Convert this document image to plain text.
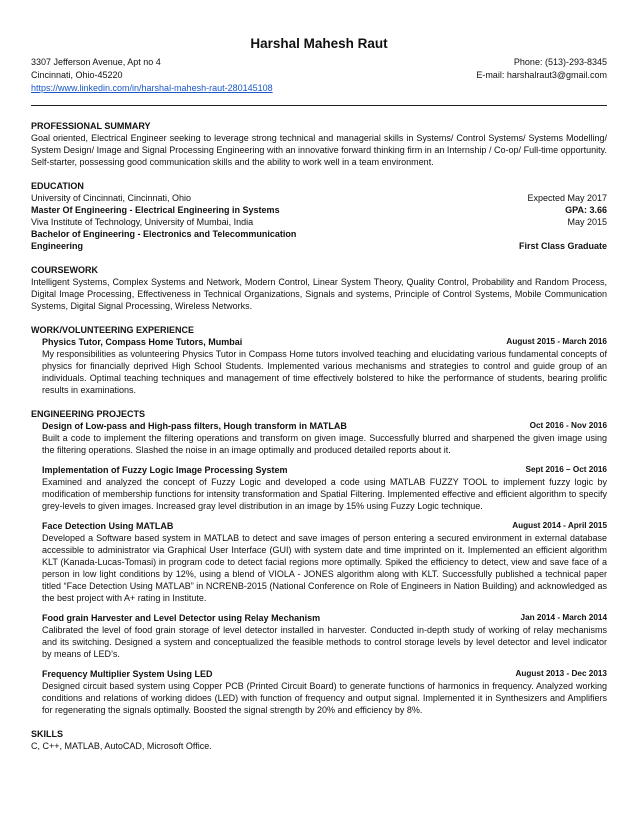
Harshal Mahesh Raut
3307 Jefferson Avenue, Apt no 4	Phone: (513)-293-8345
Cincinnati, Ohio-45220	E-mail: harshalraut3@gmail.com
https://www.linkedin.com/in/harshal-mahesh-raut-280145108
PROFESSIONAL SUMMARY
Goal oriented, Electrical Engineer seeking to leverage strong technical and managerial skills in Systems/ Control Systems/ Systems Modelling/ System Design/ Image and Signal Processing Engineering with an innovative forward thinking firm in an Internship / Co-op/ Full-time opportunity. Self-starter, possessing good communication skills and the ability to work well in a team environment.
EDUCATION
University of Cincinnati, Cincinnati, Ohio	Expected May 2017
Master Of Engineering - Electrical Engineering in Systems	GPA: 3.66
Viva Institute of Technology, University of Mumbai, India	May 2015
Bachelor of Engineering - Electronics and Telecommunication
Engineering	First Class Graduate
COURSEWORK
Intelligent Systems, Complex Systems and Network, Modern Control, Linear System Theory, Quality Control, Probability and Random Process, Digital Image Processing, Effectiveness in Technical Organizations, Signals and systems, Principle of Control Systems, Mobile Communication Systems, Digital Signal Processing, Wireless Networks.
WORK/VOLUNTEERING EXPERIENCE
Physics Tutor, Compass Home Tutors, Mumbai	August 2015 - March 2016
My responsibilities as volunteering Physics Tutor in Compass Home tutors involved teaching and elucidating various fundamental concepts of physics for financially deprived High School Students. Implemented various mechanisms and strategies to control and guide group of an individuals. Optimal teaching techniques and management of time effectively bolstered to hike the performance of students, bearing prolific results in examinations.
ENGINEERING PROJECTS
Design of Low-pass and High-pass filters, Hough transform in MATLAB	Oct 2016 - Nov 2016
Built a code to implement the filtering operations and transform on given image. Successfully blurred and sharpened the given image using the filtering operations. Slashed the noise in an image optimally and produced detailed reports about it.
Implementation of Fuzzy Logic Image Processing System	Sept 2016 – Oct 2016
Examined and analyzed the concept of Fuzzy Logic and developed a code using MATLAB FUZZY TOOL to implement fuzzy logic by modification of membership functions for intensity transformation and Spatial Filtering. Implemented effective and efficient algorithm to specify grey-levels to given images. Increased gray level distribution in an image by 15% using Fuzzy Logic technique.
Face Detection Using MATLAB	August 2014 - April 2015
Developed a Software based system in MATLAB to detect and save images of person entering a secured environment in external database accessible to administrator via Graphical User Interface (GUI) with system date and time imprinted on it. Implemented an efficient algorithm KLT (Kanada-Lucas-Tomasi) in program code to detect facial regions more optimally. Spiked the efficiency to detect, view and save face of a person in low light conditions by 12%, using a blend of VIOLA - JONES algorithm along with KLT. Successfully published a technical paper titled “Face Detection Using MATLAB” in NCRENB-2015 (National Conference on Role of Engineers in Nation Building) and acknowledged as the best project with A+ rating in Institute.
Food grain Harvester and Level Detector using Relay Mechanism	Jan 2014 - March 2014
Calibrated the level of food grain storage of level detector installed in harvester. Conducted in-depth study of working of relay mechanisms and its switching. Designed a system and conceptualized the feasible methods to control storage levels by level detector and level indicator by means of LED’s.
Frequency Multiplier System Using LED	August 2013 - Dec 2013
Designed circuit based system using Copper PCB (Printed Circuit Board) to generate functions of harmonics in frequency. Analyzed working conditions and relations of working didoes (LED) with function of frequency and output signal. Implemented it in Synthesizers and Amplifiers for regenerating the signals optimally. Boosted the signal strength by 20% and efficiency by 8%.
SKILLS
C, C++, MATLAB, AutoCAD, Microsoft Office.
